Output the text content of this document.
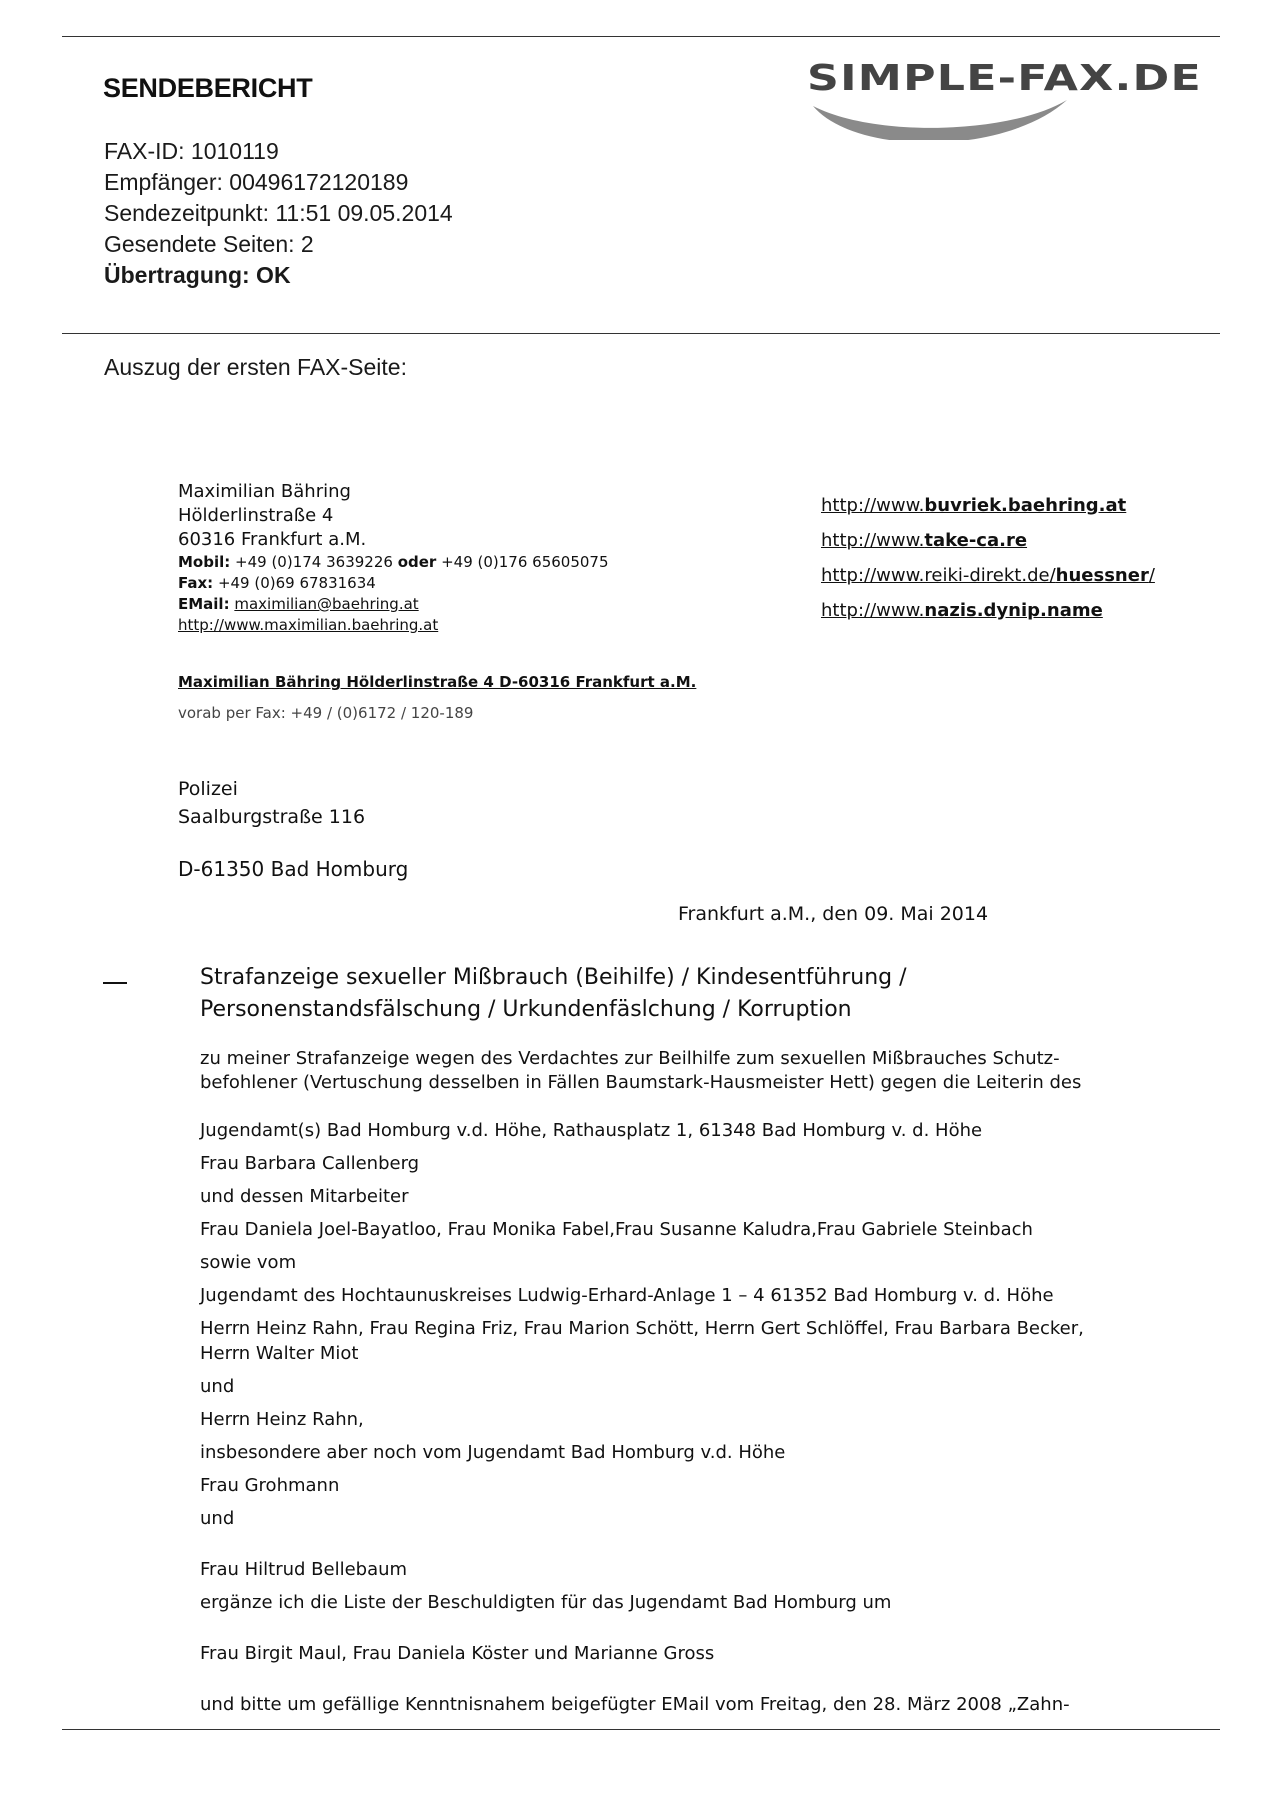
SENDEBERICHT	SIMPLE-FAX.DE
FAX-ID: 1010119
Empfänger: 00496172120189
Sendezeitpunkt: 11:51 09.05.2014
Gesendete Seiten: 2
Übertragung: OK
Auszug der ersten FAX-Seite:
Maximilian Bähring
Hölderlinstraße 4
60316 Frankfurt a.M.
Mobil: +49 (0)174 3639226 oder +49 (0)176 65605075
Fax: +49 (0)69 67831634
EMail: maximilian@baehring.at
http://www.maximilian.baehring.at
http://www.buvriek.baehring.at
http://www.take-ca.re
http://www.reiki-direkt.de/huessner/
http://www.nazis.dynip.name
Maximilian Bähring Hölderlinstraße 4 D-60316 Frankfurt a.M.
vorab per Fax: +49 / (0)6172 / 120-189
Polizei
Saalburgstraße 116
D-61350 Bad Homburg
Frankfurt a.M., den 09. Mai 2014
Strafanzeige sexueller Mißbrauch (Beihilfe) / Kindesentführung /
Personenstandsfälschung / Urkundenfäslchung / Korruption
zu meiner Strafanzeige wegen des Verdachtes zur Beilhilfe zum sexuellen Mißbrauches Schutz-
befohlener (Vertuschung desselben in Fällen Baumstark-Hausmeister Hett) gegen die Leiterin des
Jugendamt(s) Bad Homburg v.d. Höhe, Rathausplatz 1, 61348 Bad Homburg v. d. Höhe
Frau Barbara Callenberg
und dessen Mitarbeiter
Frau Daniela Joel-Bayatloo, Frau Monika Fabel,Frau Susanne Kaludra,Frau Gabriele Steinbach
sowie vom
Jugendamt des Hochtaunuskreises Ludwig-Erhard-Anlage 1 – 4 61352 Bad Homburg v. d. Höhe
Herrn Heinz Rahn, Frau Regina Friz, Frau Marion Schött, Herrn Gert Schlöffel, Frau Barbara Becker,
Herrn Walter Miot
und
Herrn Heinz Rahn,
insbesondere aber noch vom Jugendamt Bad Homburg v.d. Höhe
Frau Grohmann
und
Frau Hiltrud Bellebaum
ergänze ich die Liste der Beschuldigten für das Jugendamt Bad Homburg um
Frau Birgit Maul, Frau Daniela Köster und Marianne Gross
und bitte um gefällige Kenntnisnahem beigefügter EMail vom Freitag, den 28. März 2008 „Zahn-
